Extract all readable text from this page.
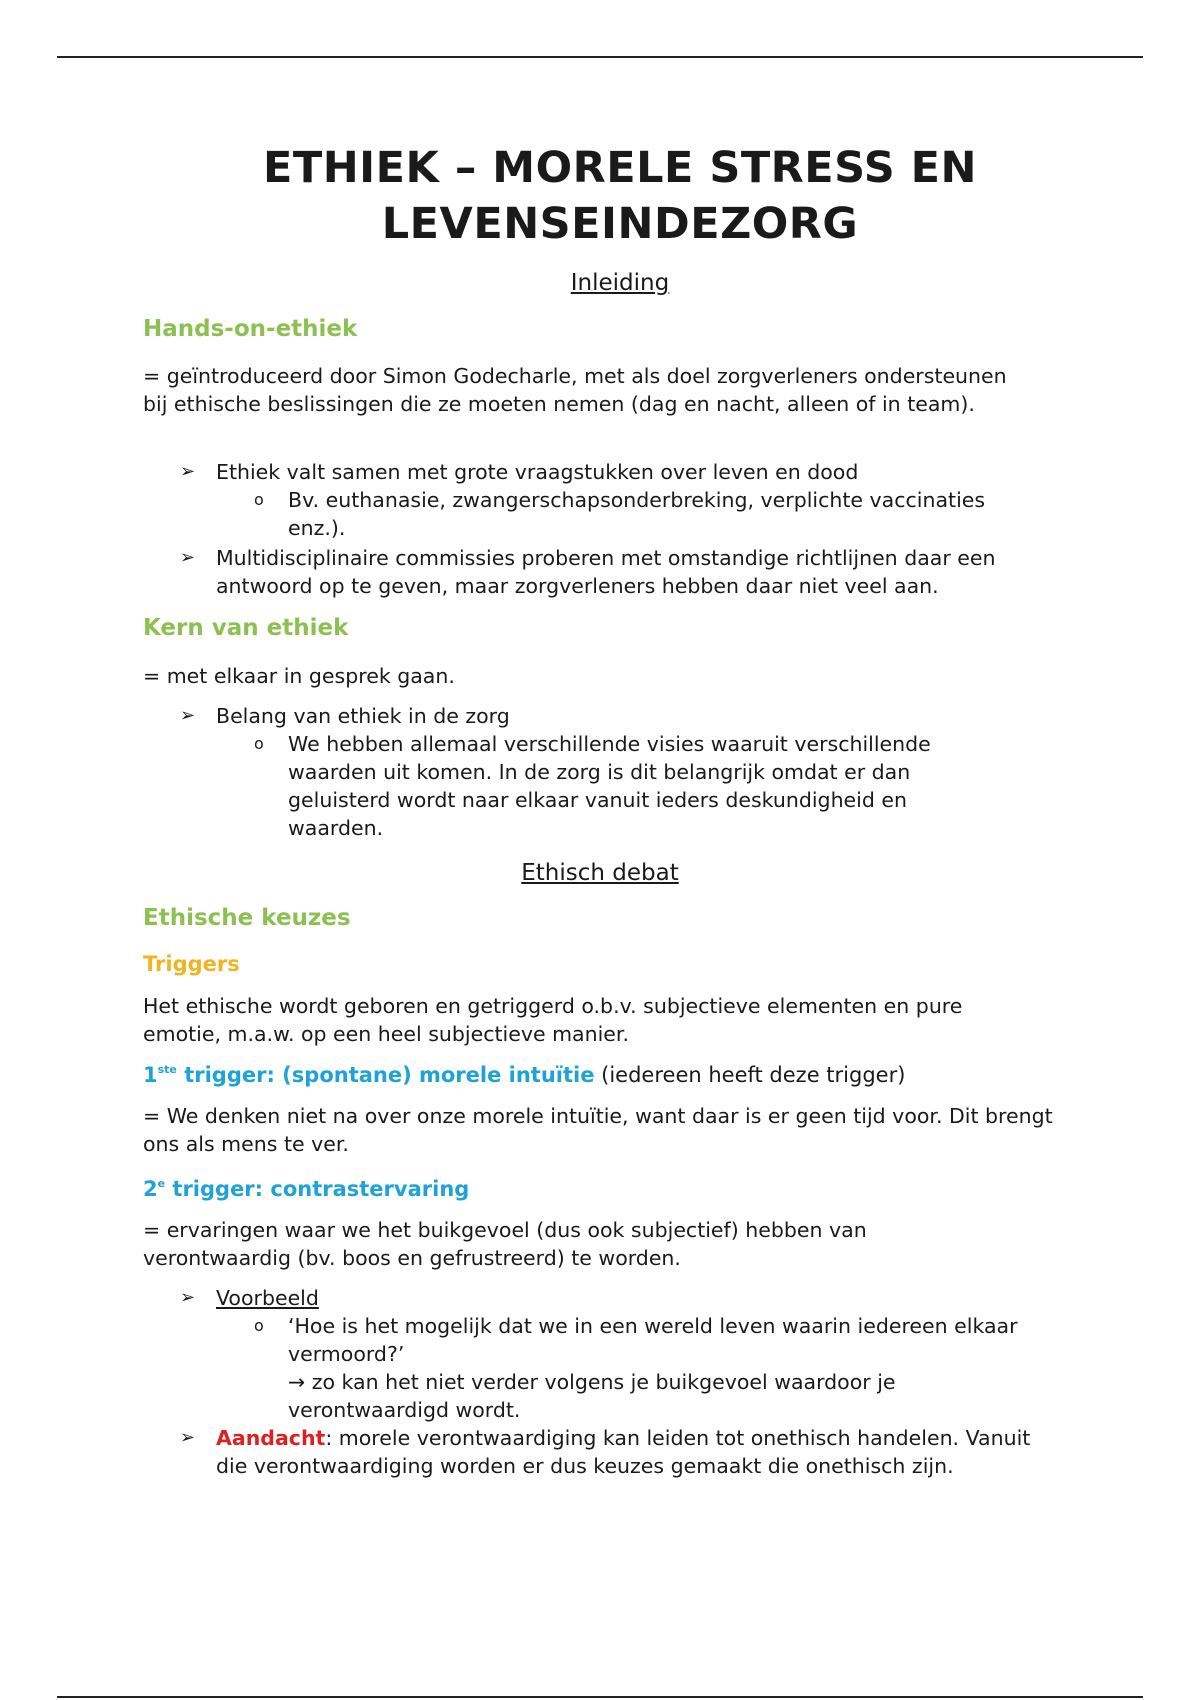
ETHIEK – MORELE STRESS EN
LEVENSEINDEZORG
Inleiding
Hands-on-ethiek
= geïntroduceerd door Simon Godecharle, met als doel zorgverleners ondersteunen bij ethische beslissingen die ze moeten nemen (dag en nacht, alleen of in team).
➢ Ethiek valt samen met grote vraagstukken over leven en dood
o Bv. euthanasie, zwangerschapsonderbreking, verplichte vaccinaties enz.).
➢ Multidisciplinaire commissies proberen met omstandige richtlijnen daar een antwoord op te geven, maar zorgverleners hebben daar niet veel aan.
Kern van ethiek
= met elkaar in gesprek gaan.
➢ Belang van ethiek in de zorg
o We hebben allemaal verschillende visies waaruit verschillende waarden uit komen. In de zorg is dit belangrijk omdat er dan geluisterd wordt naar elkaar vanuit ieders deskundigheid en waarden.
Ethisch debat
Ethische keuzes
Triggers
Het ethische wordt geboren en getriggerd o.b.v. subjectieve elementen en pure emotie, m.a.w. op een heel subjectieve manier.
1ste trigger: (spontane) morele intuïtie (iedereen heeft deze trigger)
= We denken niet na over onze morele intuïtie, want daar is er geen tijd voor. Dit brengt ons als mens te ver.
2e trigger: contrastervaring
= ervaringen waar we het buikgevoel (dus ook subjectief) hebben van verontwaardig (bv. boos en gefrustreerd) te worden.
➢ Voorbeeld
o ‘Hoe is het mogelijk dat we in een wereld leven waarin iedereen elkaar vermoord?’
→ zo kan het niet verder volgens je buikgevoel waardoor je verontwaardigd wordt.
➢ Aandacht: morele verontwaardiging kan leiden tot onethisch handelen. Vanuit die verontwaardiging worden er dus keuzes gemaakt die onethisch zijn.
